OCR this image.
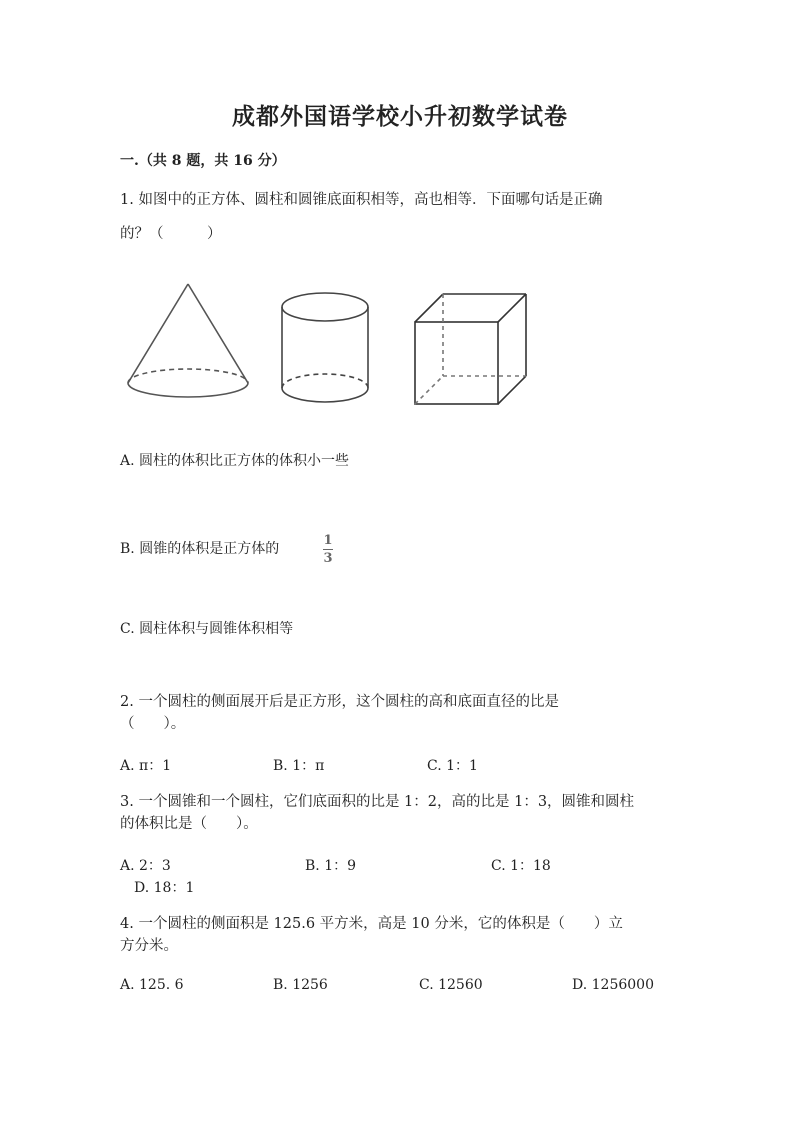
成都外国语学校小升初数学试卷
一.（共 8 题，共 16 分）
1. 如图中的正方体、圆柱和圆锥底面积相等，高也相等．下面哪句话是正确
的？（　　　）
A. 圆柱的体积比正方体的体积小一些
B. 圆锥的体积是正方体的
1
3
C. 圆柱体积与圆锥体积相等
2. 一个圆柱的侧面展开后是正方形，这个圆柱的高和底面直径的比是
（　　）。
A. π：1	B. 1：π	C. 1：1
3. 一个圆锥和一个圆柱，它们底面积的比是 1：2，高的比是 1：3，圆锥和圆柱
的体积比是（　　）。
A. 2：3	B. 1：9	C. 1：18
D. 18：1
4. 一个圆柱的侧面积是 125.6 平方米，高是 10 分米，它的体积是（　　）立
方分米。
A. 125. 6	B. 1256	C. 12560	D. 1256000
